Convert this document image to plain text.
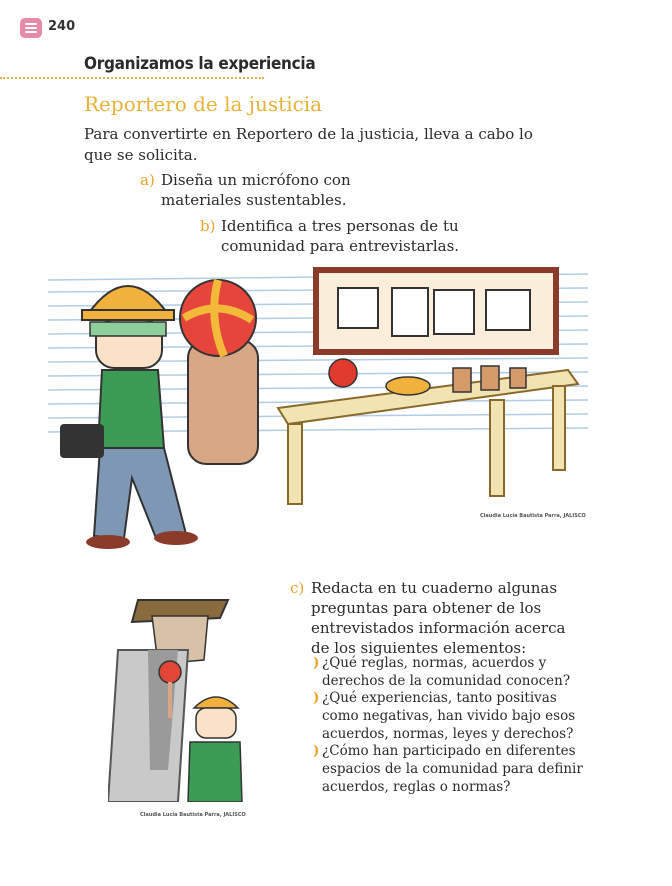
240
Organizamos la experiencia
Reportero de la justicia
Para convertirte en Reportero de la justicia, lleva a cabo lo que se solicita.
a) Diseña un micrófono con materiales sustentables.
b) Identifica a tres personas de tu comunidad para entrevistarlas.
Claudia Lucía Bautista Parra, JALISCO
Claudia Lucía Bautista Parra, JALISCO
c) Redacta en tu cuaderno algunas preguntas para obtener de los entrevistados información acerca de los siguientes elementos:
) ¿Qué reglas, normas, acuerdos y derechos de la comunidad conocen?
) ¿Qué experiencias, tanto positivas como negativas, han vivido bajo esos acuerdos, normas, leyes y derechos?
) ¿Cómo han participado en diferentes espacios de la comunidad para definir acuerdos, reglas o normas?
